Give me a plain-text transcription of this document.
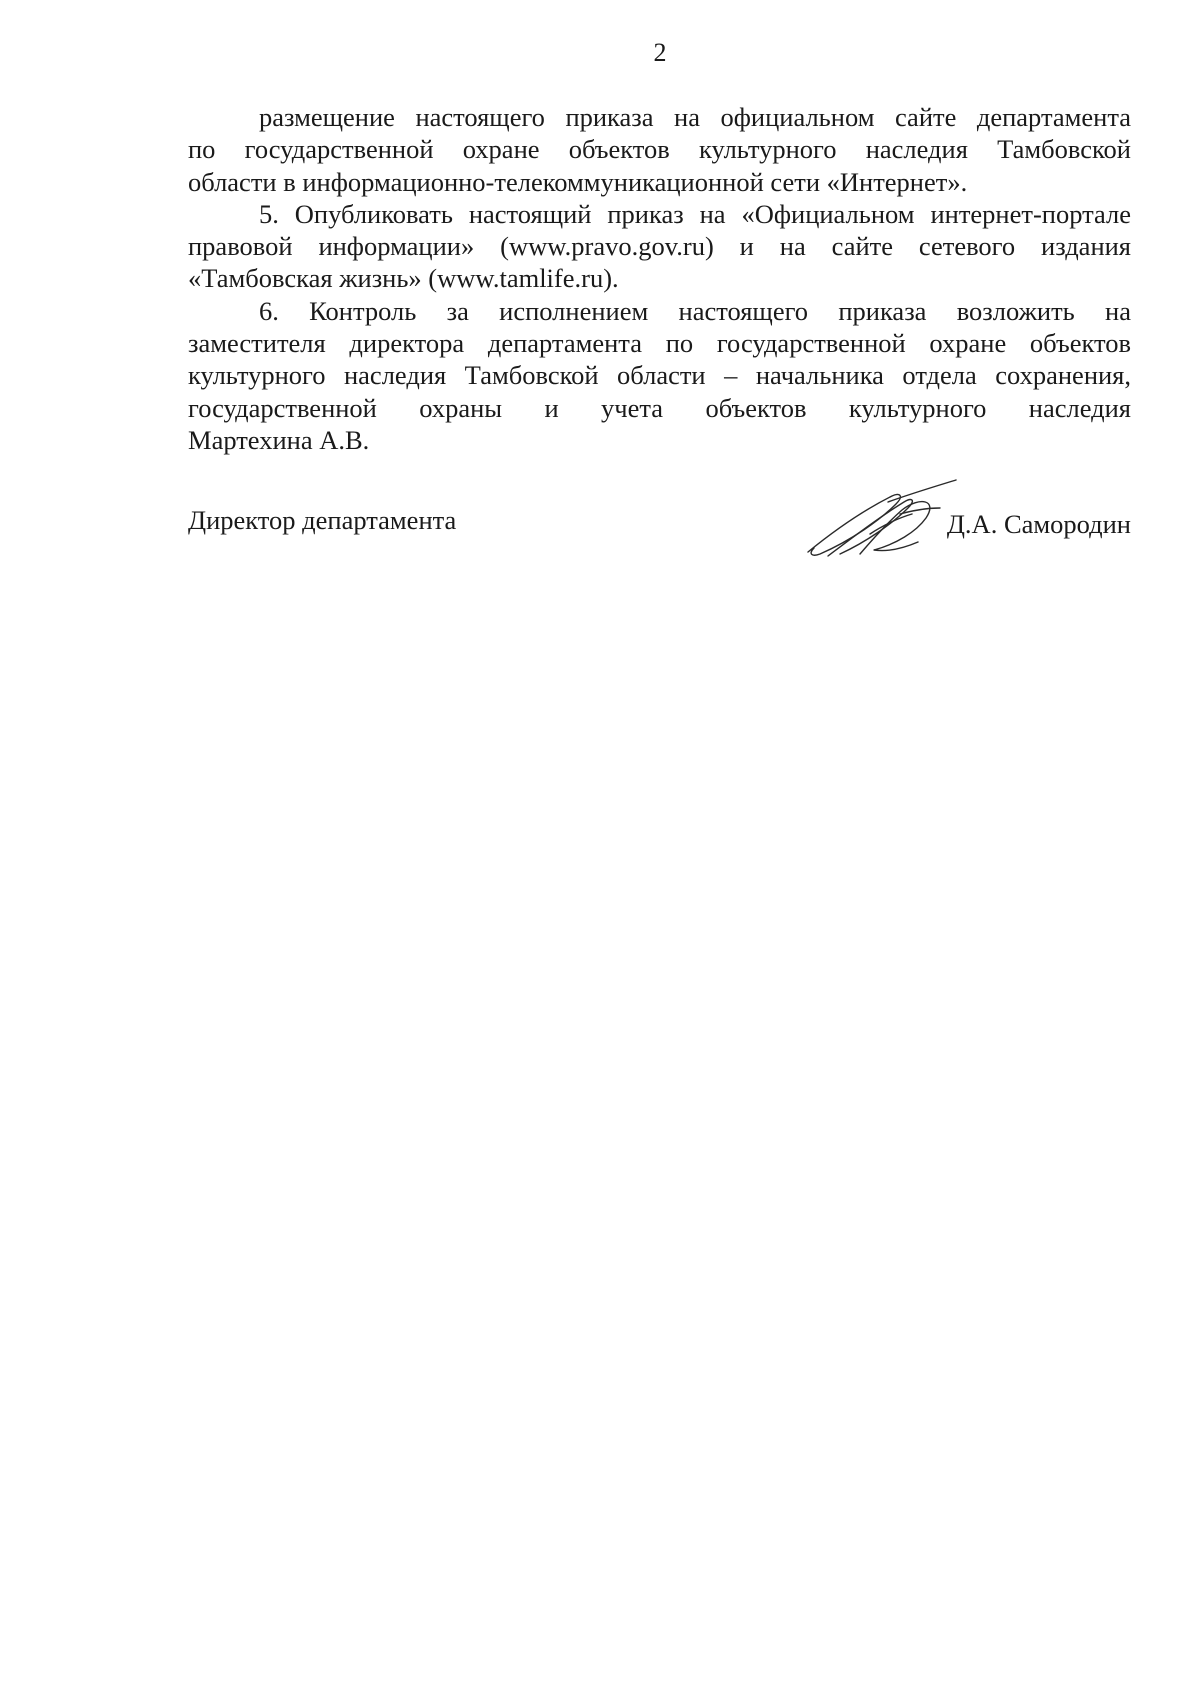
2
размещение настоящего приказа на официальном сайте департамента
по государственной охране объектов культурного наследия Тамбовской
области в информационно-телекоммуникационной сети «Интернет».
5. Опубликовать настоящий приказ на «Официальном интернет-портале
правовой информации» (www.pravo.gov.ru) и на сайте сетевого издания
«Тамбовская жизнь» (www.tamlife.ru).
6. Контроль за исполнением настоящего приказа возложить на
заместителя директора департамента по государственной охране объектов
культурного наследия Тамбовской области – начальника отдела сохранения,
государственной охраны и учета объектов культурного наследия
Мартехина А.В.
Директор департамента	Д.А. Самородин
